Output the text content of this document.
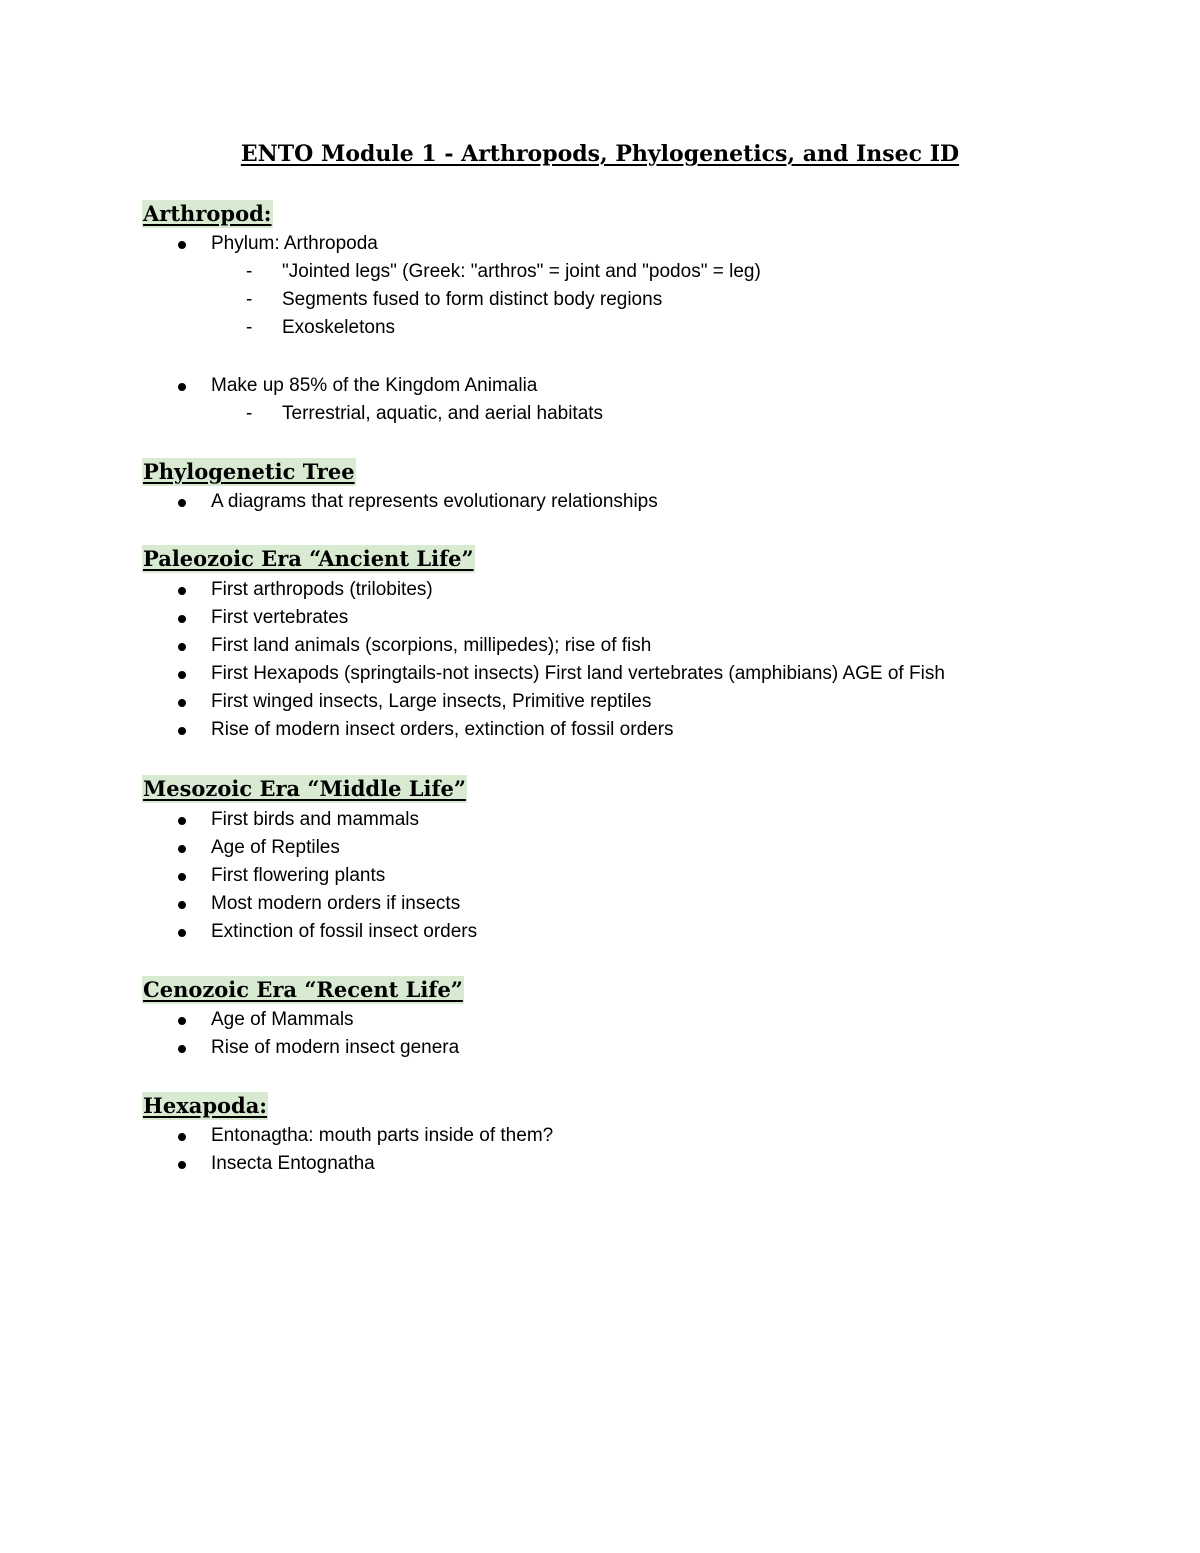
ENTO Module 1 - Arthropods, Phylogenetics, and Insec ID
Arthropod:
Phylum: Arthropoda
- "Jointed legs" (Greek: "arthros" = joint and "podos" = leg)
- Segments fused to form distinct body regions
- Exoskeletons
Make up 85% of the Kingdom Animalia
- Terrestrial, aquatic, and aerial habitats
Phylogenetic Tree
A diagrams that represents evolutionary relationships
Paleozoic Era “Ancient Life”
First arthropods (trilobites)
First vertebrates
First land animals (scorpions, millipedes); rise of fish
First Hexapods (springtails-not insects) First land vertebrates (amphibians) AGE of Fish
First winged insects, Large insects, Primitive reptiles
Rise of modern insect orders, extinction of fossil orders
Mesozoic Era “Middle Life”
First birds and mammals
Age of Reptiles
First flowering plants
Most modern orders if insects
Extinction of fossil insect orders
Cenozoic Era “Recent Life”
Age of Mammals
Rise of modern insect genera
Hexapoda:
Entonagtha: mouth parts inside of them?
Insecta Entognatha
